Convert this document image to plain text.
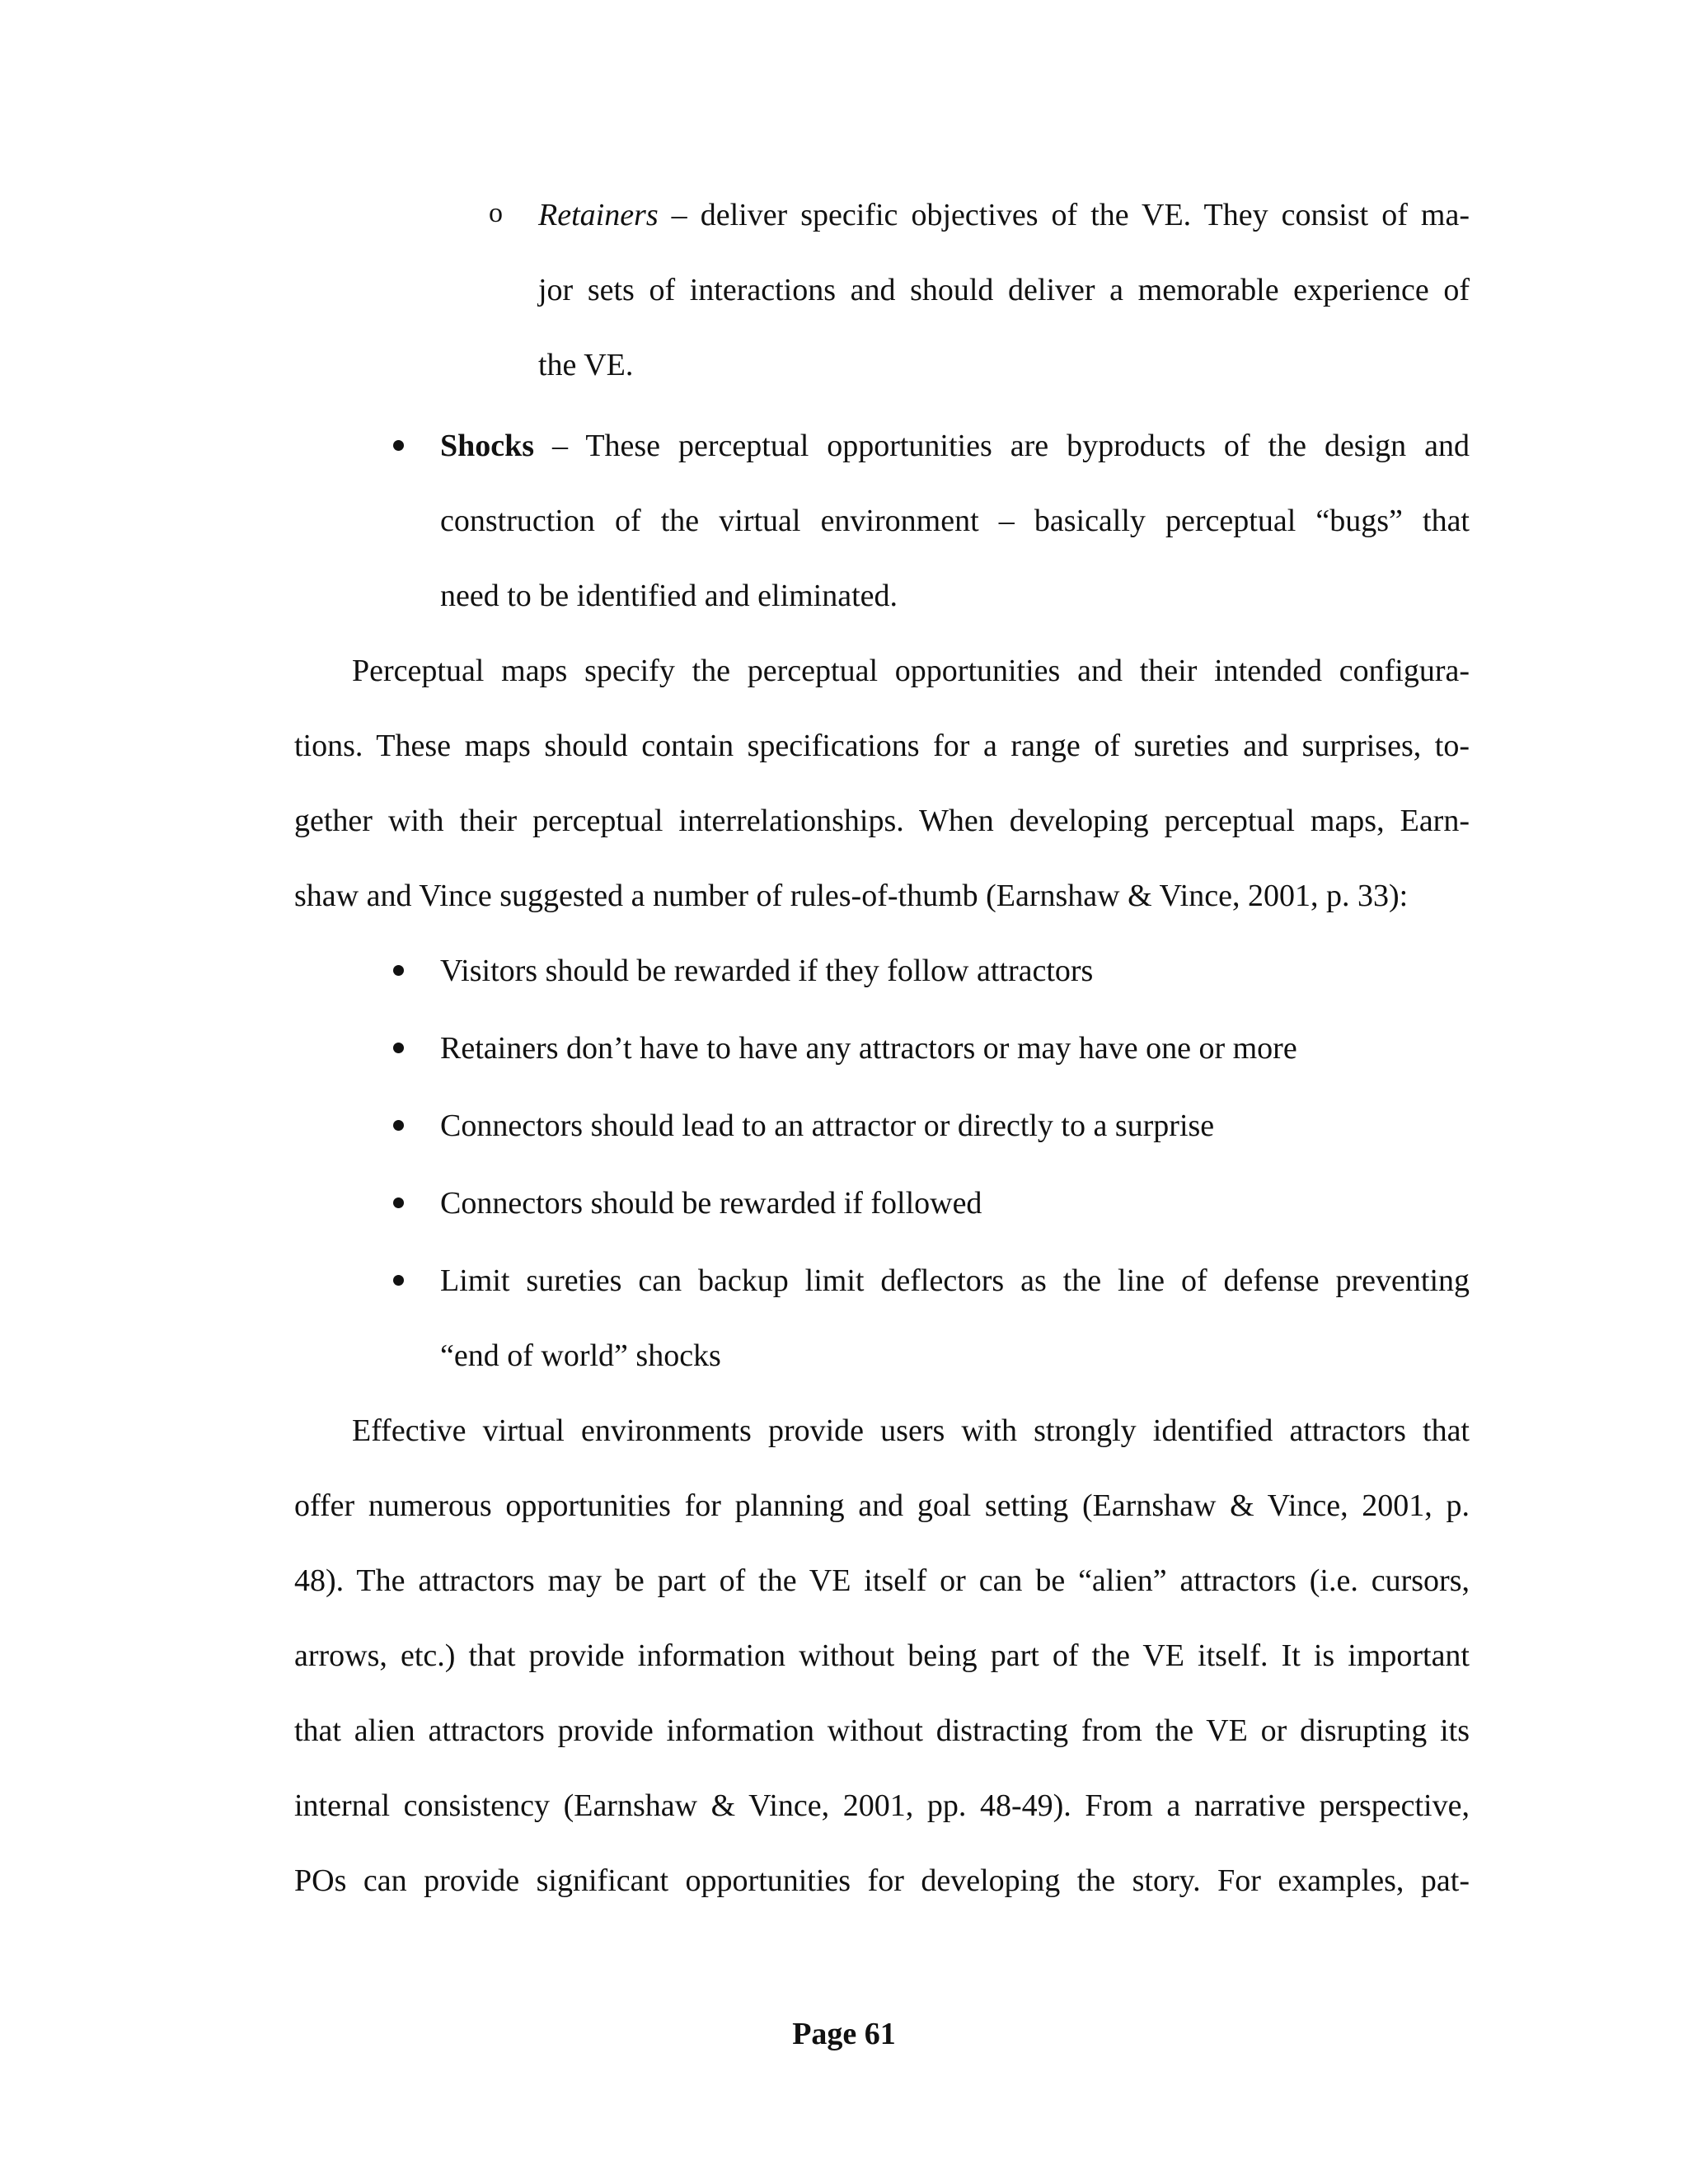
o Retainers – deliver specific objectives of the VE. They consist of ma-
jor sets of interactions and should deliver a memorable experience of
the VE.
Shocks – These perceptual opportunities are byproducts of the design and
construction of the virtual environment – basically perceptual “bugs” that
need to be identified and eliminated.
Perceptual maps specify the perceptual opportunities and their intended configura-
tions. These maps should contain specifications for a range of sureties and surprises, to-
gether with their perceptual interrelationships. When developing perceptual maps, Earn-
shaw and Vince suggested a number of rules-of-thumb (Earnshaw & Vince, 2001, p. 33):
Visitors should be rewarded if they follow attractors
Retainers don’t have to have any attractors or may have one or more
Connectors should lead to an attractor or directly to a surprise
Connectors should be rewarded if followed
Limit sureties can backup limit deflectors as the line of defense preventing
“end of world” shocks
Effective virtual environments provide users with strongly identified attractors that
offer numerous opportunities for planning and goal setting (Earnshaw & Vince, 2001, p.
48). The attractors may be part of the VE itself or can be “alien” attractors (i.e. cursors,
arrows, etc.) that provide information without being part of the VE itself. It is important
that alien attractors provide information without distracting from the VE or disrupting its
internal consistency (Earnshaw & Vince, 2001, pp. 48-49). From a narrative perspective,
POs can provide significant opportunities for developing the story. For examples, pat-
Page 61
